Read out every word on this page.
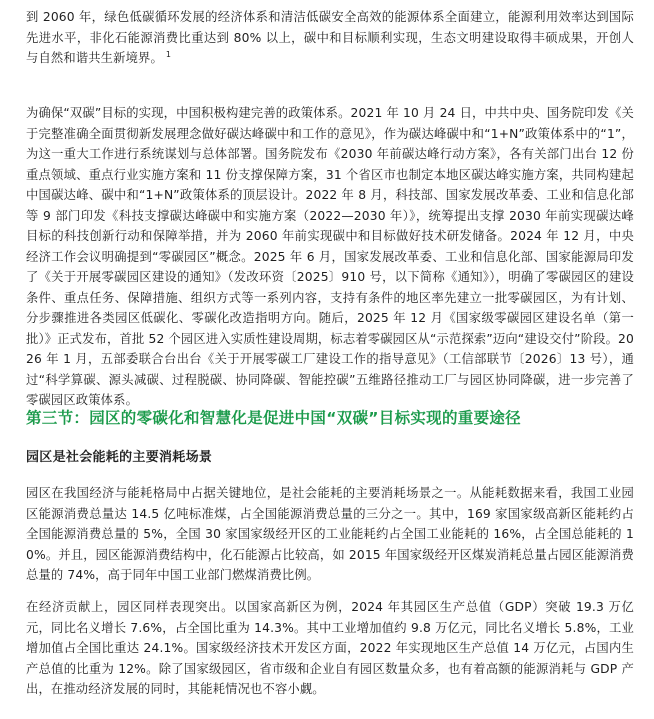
到 2060 年，绿色低碳循环发展的经济体系和清洁低碳安全高效的能源体系全面建立，能源利用效率达到国际先进水平，非化石能源消费比重达到 80% 以上，碳中和目标顺利实现，生态文明建设取得丰硕成果，开创人与自然和谐共生新境界。 $^1$

为确保“双碳”目标的实现，中国积极构建完善的政策体系。2021 年 10 月 24 日，中共中央、国务院印发《关于完整准确全面贯彻新发展理念做好碳达峰碳中和工作的意见》，作为碳达峰碳中和“1+N”政策体系中的“1”，为这一重大工作进行系统谋划与总体部署。国务院发布《2030 年前碳达峰行动方案》，各有关部门出台 12 份重点领域、重点行业实施方案和 11 份支撑保障方案，31 个省区市也制定本地区碳达峰实施方案，共同构建起中国碳达峰、碳中和“1+N”政策体系的顶层设计。2022 年 8 月，科技部、国家发展改革委、工业和信息化部等 9 部门印发《科技支撑碳达峰碳中和实施方案（2022—2030 年）》，统筹提出支撑 2030 年前实现碳达峰目标的科技创新行动和保障举措，并为 2060 年前实现碳中和目标做好技术研发储备。2024 年 12 月，中央经济工作会议明确提到“零碳园区”概念。2025 年 6 月，国家发展改革委、工业和信息化部、国家能源局印发了《关于开展零碳园区建设的通知》（发改环资〔2025〕910 号，以下简称《通知》），明确了零碳园区的建设条件、重点任务、保障措施、组织方式等一系列内容，支持有条件的地区率先建立一批零碳园区，为有计划、分步骤推进各类园区低碳化、零碳化改造指明方向。随后，2025 年 12 月《国家级零碳园区建设名单（第一批）》正式发布，首批 52 个园区进入实质性建设周期，标志着零碳园区从“示范探索”迈向“建设交付”阶段。2026 年 1 月，五部委联合台出台《关于开展零碳工厂建设工作的指导意见》（工信部联节〔2026〕13 号），通过“科学算碳、源头减碳、过程脱碳、协同降碳、智能控碳”五维路径推动工厂与园区协同降碳，进一步完善了零碳园区政策体系。

第三节：园区的零碳化和智慧化是促进中国“双碳”目标实现的重要途径
园区是社会能耗的主要消耗场景

园区在我国经济与能耗格局中占据关键地位，是社会能耗的主要消耗场景之一。从能耗数据来看，我国工业园区能源消费总量达 14.5 亿吨标准煤，占全国能源消费总量的三分之一。其中，169 家国家级高新区能耗约占全国能源消费总量的 5%，全国 30 家国家级经开区的工业能耗约占全国工业能耗的 16%，占全国总能耗的 10%。并且，园区能源消费结构中，化石能源占比较高，如 2015 年国家级经开区煤炭消耗总量占园区能源消费总量的 74%，高于同年中国工业部门燃煤消费比例。

在经济贡献上，园区同样表现突出。以国家高新区为例，2024 年其园区生产总值（GDP）突破 19.3 万亿元，同比名义增长 7.6%，占全国比重为 14.3%。其中工业增加值约 9.8 万亿元，同比名义增长 5.8%，工业增加值占全国比重达 24.1%。国家级经济技术开发区方面，2022 年实现地区生产总值 14 万亿元，占国内生产总值的比重为 12%。除了国家级园区，省市级和企业自有园区数量众多，也有着高额的能源消耗与 GDP 产出，在推动经济发展的同时，其能耗情况也不容小觑。
